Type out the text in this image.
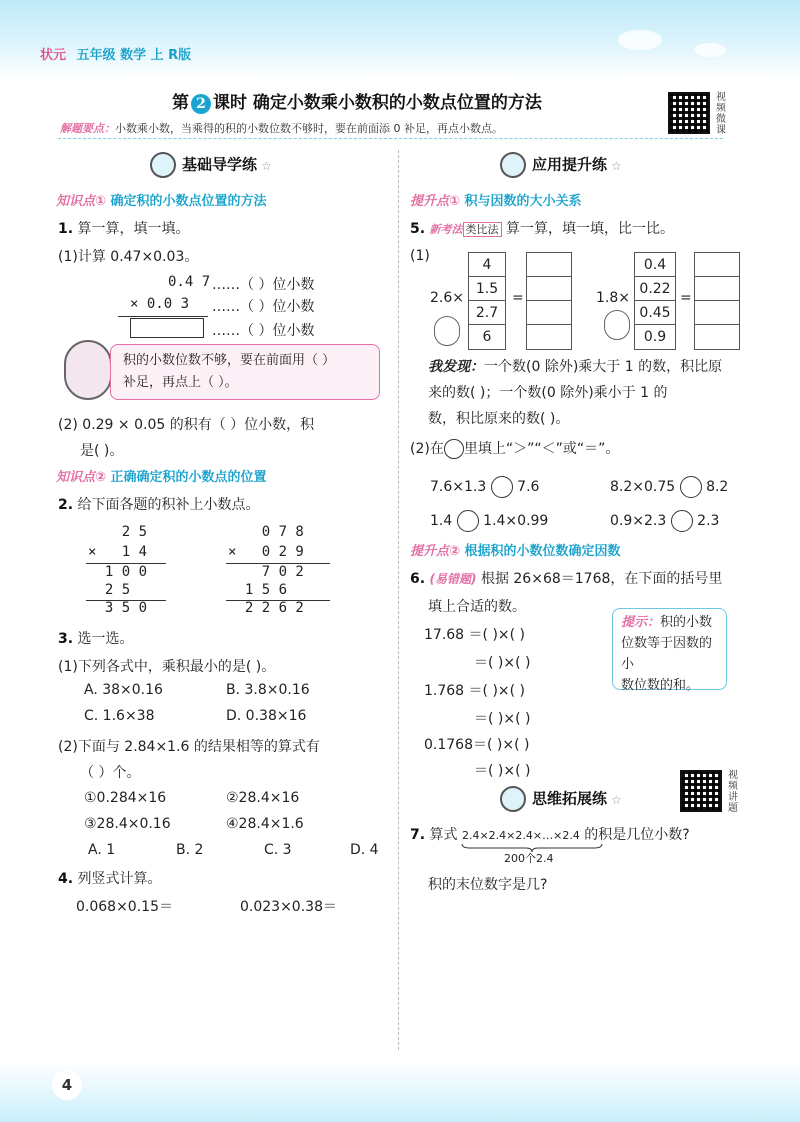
状元 五年级 数学 上 R版
第 2 课时 确定小数乘小数积的小数点位置的方法	视频微课
解题要点：小数乘小数，当乘得的积的小数位数不够时，要在前面添 0 补足，再点小数点。
基础导学练 ☆
知识点① 确定积的小数点位置的方法
1. 算一算，填一填。
(1)计算 0.47×0.03。
0.4 7
× 0.0 3
……（ ）位小数
……（ ）位小数
……（ ）位小数
积的小数位数不够，要在前面用（ ）
补足，再点上（ ）。
(2) 0.29 × 0.05 的积有（ ）位小数，积
是( )。
知识点② 正确确定积的小数点的位置
2. 给下面各题的积补上小数点。
2 5
×   1 4
1 0 0
2 5
3 5 0
0 7 8
×   0 2 9
7 0 2
1 5 6
2 2 6 2
3. 选一选。
(1)下列各式中，乘积最小的是( )。
A. 38×0.16	B. 3.8×0.16
C. 1.6×38	D. 0.38×16
(2)下面与 2.84×1.6 的结果相等的算式有
（ ）个。
①0.284×16	②28.4×16
③28.4×0.16	④28.4×1.6
A. 1	B. 2	C. 3	D. 4
4. 列竖式计算。
0.068×0.15＝	0.023×0.38＝
应用提升练 ☆
提升点① 积与因数的大小关系
5. 新考法 类比法 算一算，填一填，比一比。
(1)
2.6×
4
1.5
2.7
6
=	1.8×
0.4
0.22
0.45
0.9
=
我发现：一个数(0 除外)乘大于 1 的数，积比原
来的数( )；一个数(0 除外)乘小于 1 的
数，积比原来的数( )。
(2)在 里填上“＞”“＜”或“＝”。
7.6×1.3 7.6	8.2×0.75 8.2
1.4 1.4×0.99	0.9×2.3 2.3
提升点② 根据积的小数位数确定因数
6. (易错题) 根据 26×68＝1768，在下面的括号里
填上合适的数。
17.68 ＝( )×( )
＝( )×( )
1.768 ＝( )×( )
＝( )×( )
0.1768＝( )×( )
＝( )×( )
提示：积的小数
位数等于因数的小
数位数的和。
视频讲题
思维拓展练 ☆
7. 算式 2.4×2.4×2.4×…×2.4 的积是几位小数?
200个2.4
积的末位数字是几?
4
